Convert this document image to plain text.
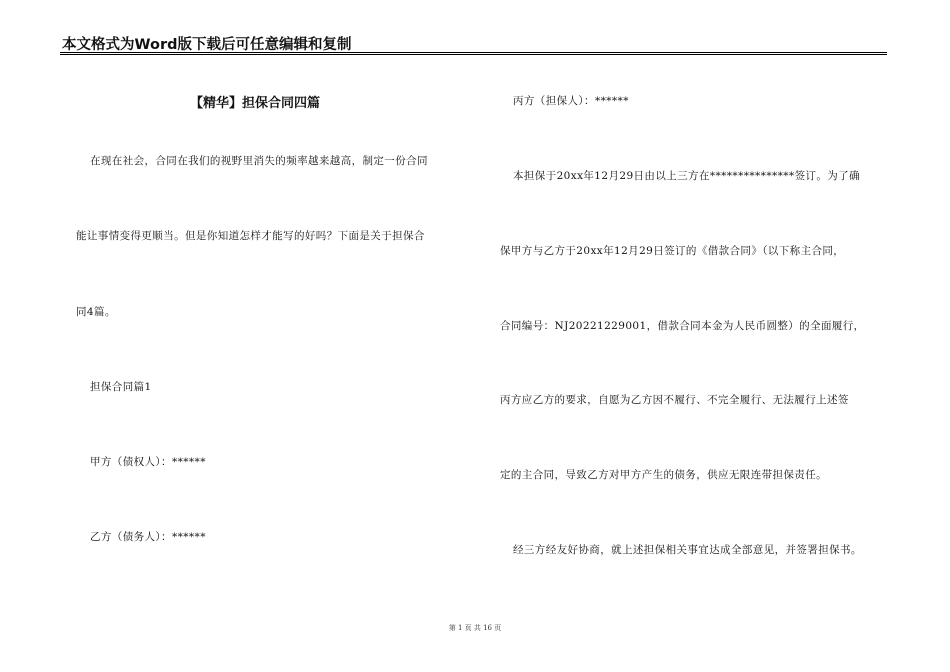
本文格式为Word版下载后可任意编辑和复制
【精华】担保合同四篇
在现在社会，合同在我们的视野里消失的频率越来越高，制定一份合同
能让事情变得更顺当。但是你知道怎样才能写的好吗？下面是关于担保合
同4篇。
担保合同篇1
甲方（债权人）：******
乙方（债务人）：******
丙方（担保人）：******
本担保于20xx年12月29日由以上三方在***************签订。为了确
保甲方与乙方于20xx年12月29日签订的《借款合同》（以下称主合同，
合同编号：NJ20221229001，借款合同本金为人民币圆整）的全面履行，
丙方应乙方的要求，自愿为乙方因不履行、不完全履行、无法履行上述签
定的主合同，导致乙方对甲方产生的债务，供应无限连带担保责任。
经三方经友好协商，就上述担保相关事宜达成全部意见，并签署担保书。
第 1 页 共 16 页
